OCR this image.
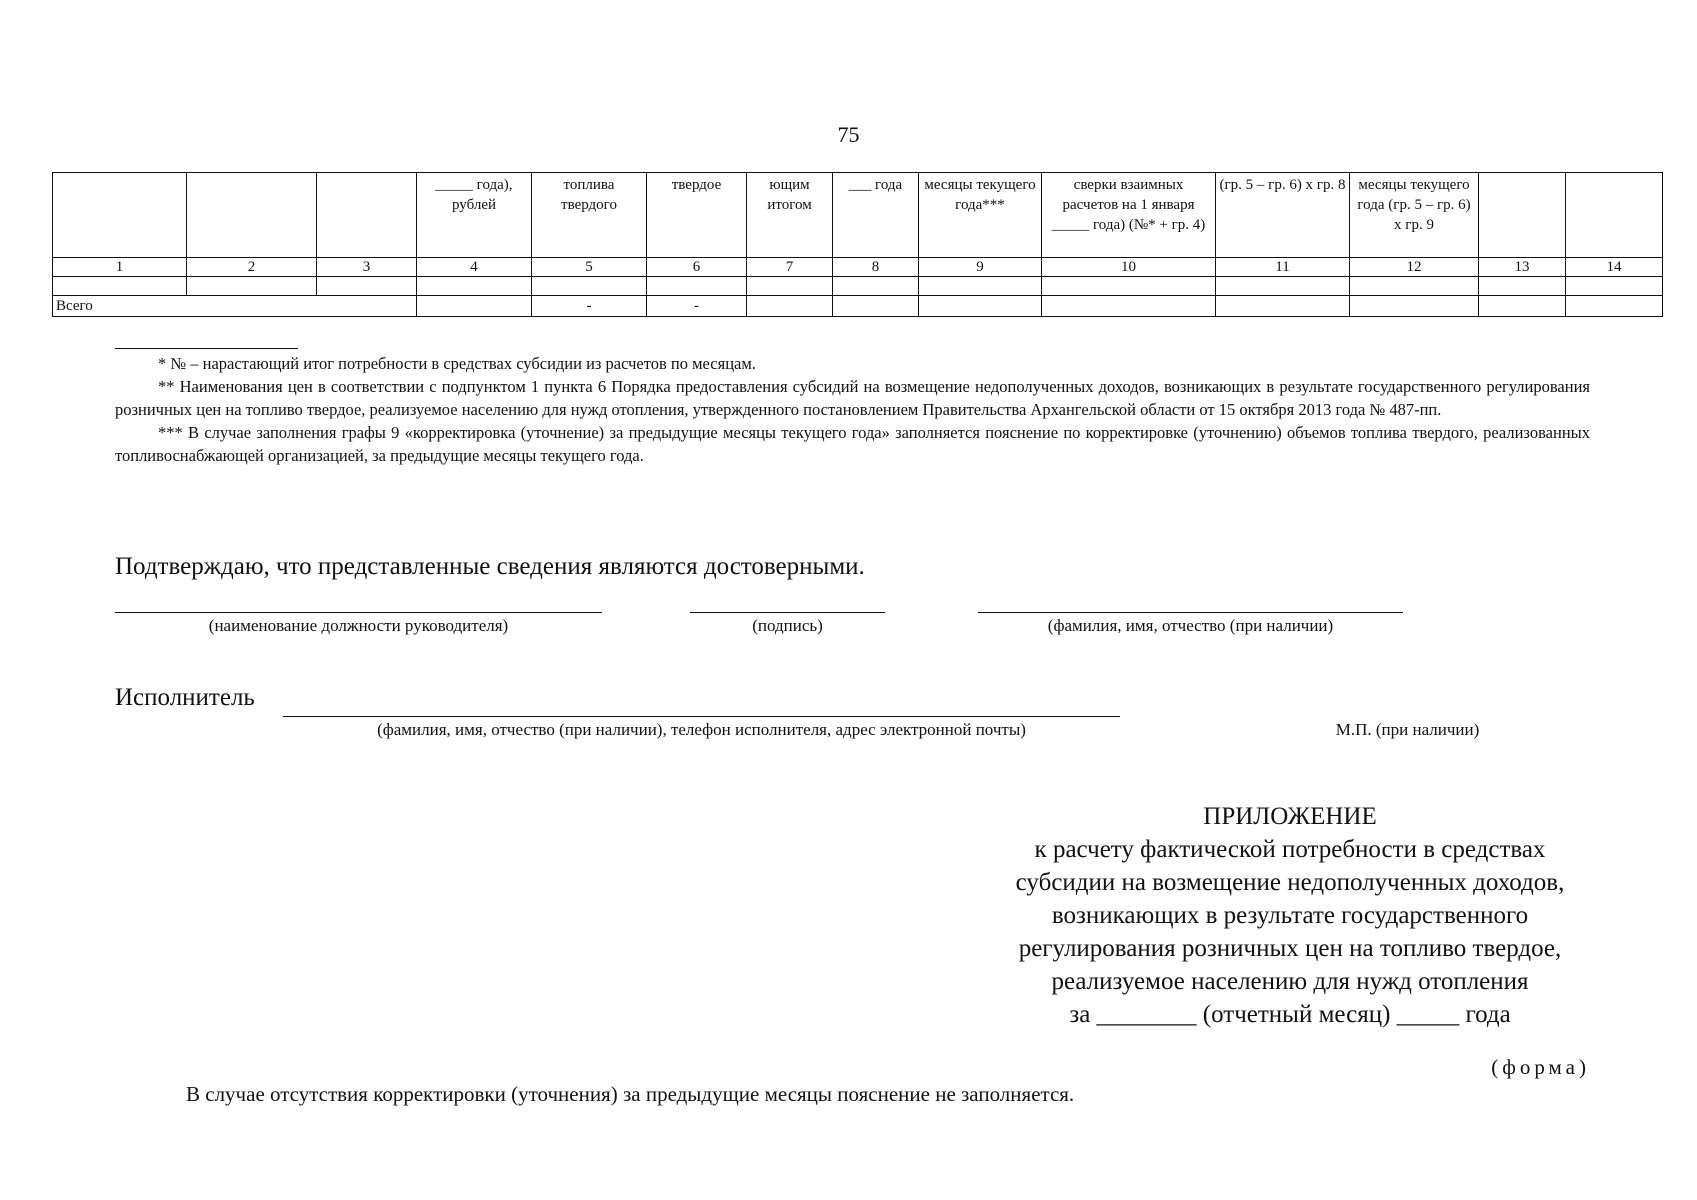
75
			_____ года), рублей	топлива твердого	твердое	ющим итогом	___ года	месяцы текущего года***	сверки взаимных расчетов на 1 января _____ года) (№* + гр. 4)	(гр. 5 – гр. 6) х гр. 8	месяцы текущего года (гр. 5 – гр. 6) х гр. 9		
1	2	3	4	5	6	7	8	9	10	11	12	13	14

Всего				-	-								

* № – нарастающий итог потребности в средствах субсидии из расчетов по месяцам.

** Наименования цен в соответствии с подпунктом 1 пункта 6 Порядка предоставления субсидий на возмещение недополученных доходов, возникающих в результате государственного регулирования розничных цен на топливо твердое, реализуемое населению для нужд отопления, утвержденного постановлением Правительства Архангельской области от 15 октября 2013 года № 487-пп.

*** В случае заполнения графы 9 «корректировка (уточнение) за предыдущие месяцы текущего года» заполняется пояснение по корректировке (уточнению) объемов топлива твердого, реализованных топливоснабжающей организацией, за предыдущие месяцы текущего года.

Подтверждаю, что представленные сведения являются достоверными.
(наименование должности руководителя)	(подпись)	(фамилия, имя, отчество (при наличии)
Исполнитель
(фамилия, имя, отчество (при наличии), телефон исполнителя, адрес электронной почты)	М.П. (при наличии)
ПРИЛОЖЕНИЕ
к расчету фактической потребности в средствах
субсидии на возмещение недополученных доходов,
возникающих в результате государственного
регулирования розничных цен на топливо твердое,
реализуемое населению для нужд отопления
за ________ (отчетный месяц) _____ года
(форма)
В случае отсутствия корректировки (уточнения) за предыдущие месяцы пояснение не заполняется.
